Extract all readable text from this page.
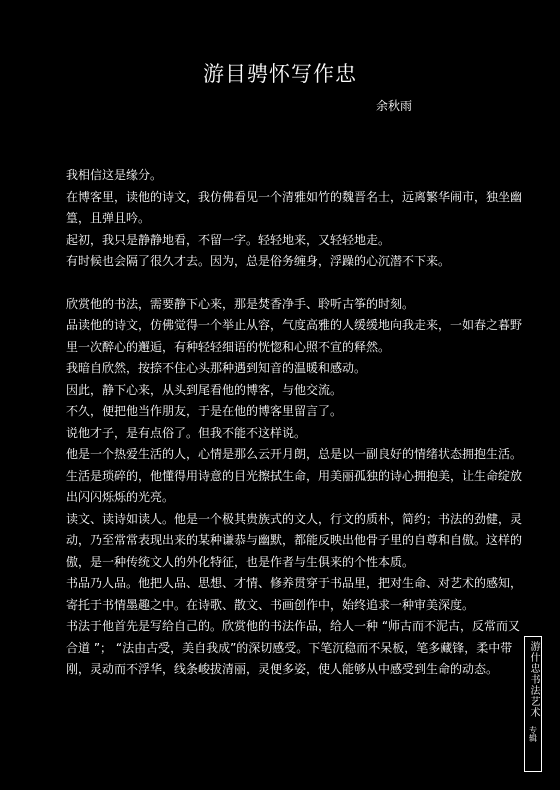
游目骋怀写作忠
余秋雨

我相信这是缘分。

在博客里，读他的诗文，我仿佛看见一个清雅如竹的魏晋名士，远离繁华闹市，独坐幽篁，且弹且吟。

起初，我只是静静地看，不留一字。轻轻地来，又轻轻地走。

有时候也会隔了很久才去。因为，总是俗务缠身，浮躁的心沉潜不下来。

欣赏他的书法，需要静下心来，那是焚香净手、聆听古筝的时刻。

品读他的诗文，仿佛觉得一个举止从容，气度高雅的人缓缓地向我走来，一如春之暮野里一次醉心的邂逅，有种轻轻细语的恍惚和心照不宣的释然。

我暗自欣然，按捺不住心头那种遇到知音的温暖和感动。

因此，静下心来，从头到尾看他的博客，与他交流。

不久，便把他当作朋友，于是在他的博客里留言了。

说他才子，是有点俗了。但我不能不这样说。

他是一个热爱生活的人，心情是那么云开月朗，总是以一副良好的情绪状态拥抱生活。

生活是琐碎的，他懂得用诗意的目光擦拭生命，用美丽孤独的诗心拥抱美，让生命绽放出闪闪烁烁的光亮。

读文、读诗如读人。他是一个极其贵族式的文人，行文的质朴，简约；书法的劲健，灵动，乃至常常表现出来的某种谦恭与幽默，都能反映出他骨子里的自尊和自傲。这样的傲，是一种传统文人的外化特征，也是作者与生俱来的个性本质。

书品乃人品。他把人品、思想、才情、修养贯穿于书品里，把对生命、对艺术的感知，寄托于书情墨趣之中。在诗歌、散文、书画创作中，始终追求一种审美深度。

书法于他首先是写给自己的。欣赏他的书法作品，给人一种 “师古而不泥古，反常而又合道 ”； “法由古受，美自我成”的深切感受。下笔沉稳而不呆板，笔多藏锋，柔中带刚，灵动而不浮华，线条峻拔清丽，灵便多姿，使人能够从中感受到生命的动态。	游什忠书法艺术
专辑
